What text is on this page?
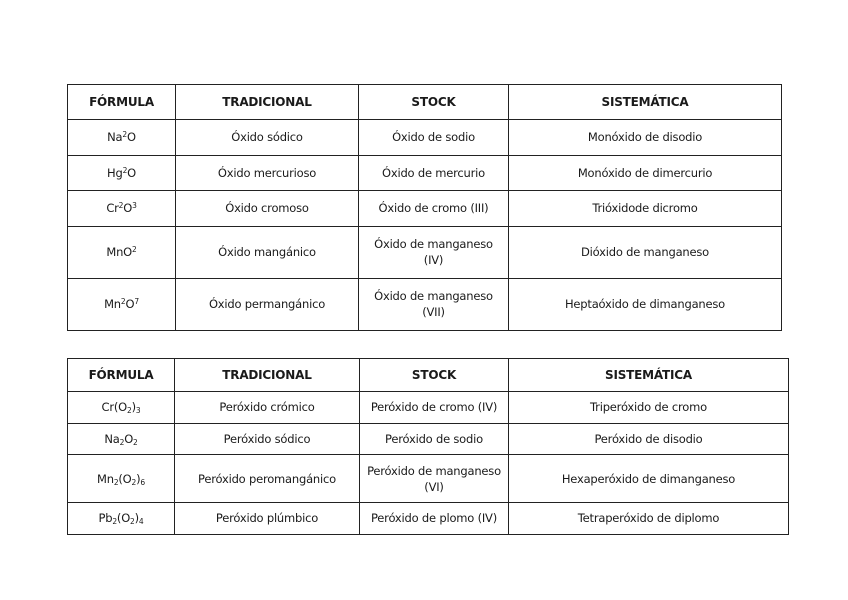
FÓRMULA	TRADICIONAL	STOCK	SISTEMÁTICA
Na$^2$O	Óxido sódico	Óxido de sodio	Monóxido de disodio
Hg$^2$O	Óxido mercurioso	Óxido de mercurio	Monóxido de dimercurio
$Cr^2O^3$	Óxido cromoso	Óxido de cromo (III)	Trióxidode dicromo
MnO$^2$	Óxido mangánico	Óxido de manganeso (IV)	Dióxido de manganeso
$Mn^2O^7$	Óxido permangánico	Óxido de manganeso (VII)	Heptaóxido de dimanganeso
FÓRMULA	TRADICIONAL	STOCK	SISTEMÁTICA
$Cr(O_2)_3$	Peróxido crómico	Peróxido de cromo (IV)	Triperóxido de cromo
$Na_2O_2$	Peróxido sódico	Peróxido de sodio	Peróxido de disodio
$Mn_2(O_2)_6$	Peróxido peromangánico	Peróxido de manganeso (VI)	Hexaperóxido de dimanganeso
$Pb_2(O_2)_4$	Peróxido plúmbico	Peróxido de plomo (IV)	Tetraperóxido de diplomo
